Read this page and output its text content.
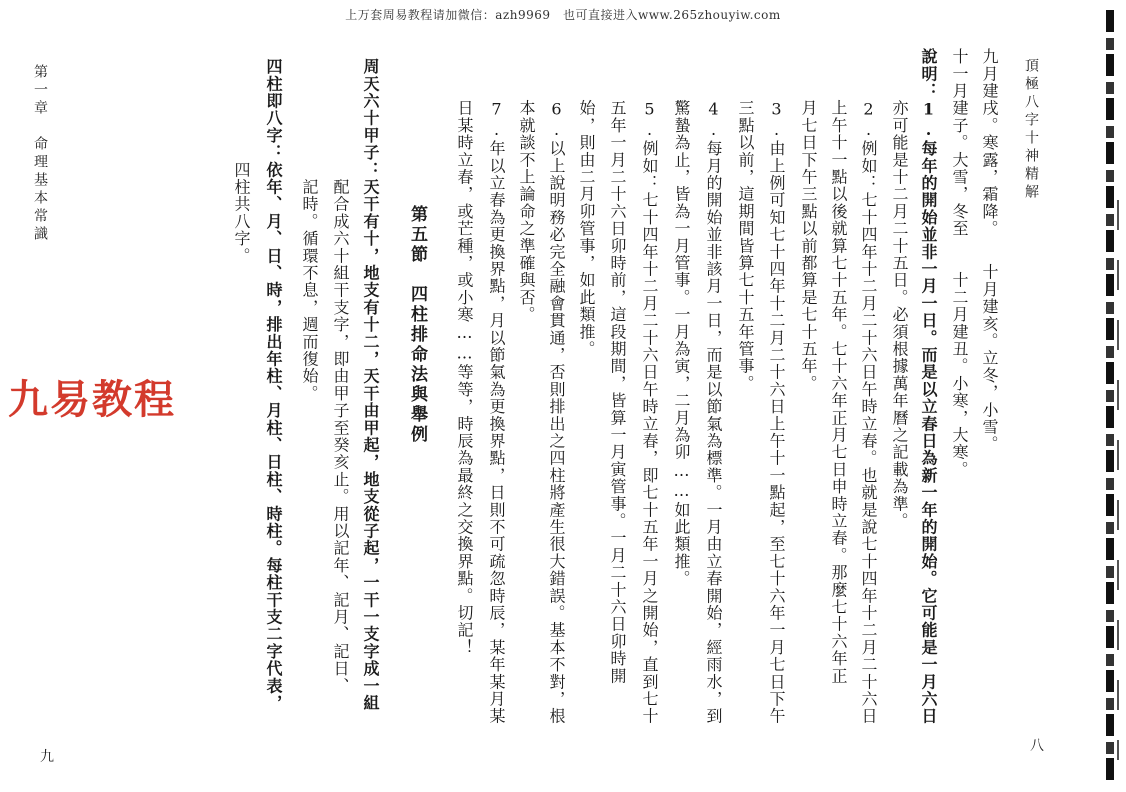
上万套周易教程请加微信：azh9969　也可直接进入www.265zhouyiw.com
頂極八字十神精解
九月建戌。寒露，霜降。　　十月建亥。立冬，小雪。
十一月建子。大雪，冬至　　十二月建丑。小寒，大寒。
說明：1.每年的開始並非一月一日。而是以立春日為新一年的開始。它可能是一月六日
　　　亦可能是十二月二十五日。必須根據萬年曆之記載為準。
　　　2.例如：七十四年十二月二十六日午時立春。也就是說七十四年十二月二十六日
　　　上午十一點以後就算七十五年。七十六年正月七日申時立春。那麼七十六年正
　　　月七日下午三點以前都算是七十五年。
　　　3.由上例可知七十四年十二月二十六日上午十一點起，至七十六年一月七日下午
　　　三點以前，這期間皆算七十五年管事。
　　　4.每月的開始並非該月一日，而是以節氣為標準。一月由立春開始，經雨水，到
　　　驚蟄為止，皆為一月管事。一月為寅，二月為卯……如此類推。
　　　5.例如：七十四年十二月二十六日午時立春，即七十五年一月之開始，直到七十
　　　五年一月二十六日卯時前，這段期間，皆算一月寅管事。一月二十六日卯時開
　　　始，則由二月卯管事，如此類推。
　　　6.以上說明務必完全融會貫通，否則排出之四柱將產生很大錯誤。基本不對，根
　　　本就談不上論命之準確與否。
　　　7.年以立春為更換界點，月以節氣為更換界點，日則不可疏忽時辰，某年某月某
　　　日某時立春，或芒種，或小寒……等等，時辰為最終之交換界點。切記！
八
第五節　四柱排命法與舉例
周天六十甲子：天干有十，地支有十二，天干由甲起，地支從子起，一干一支字成一組
　　　　　　　配合成六十組干支字，即由甲子至癸亥止。用以記年、記月、記日、
　　　　　　　記時。循環不息，週而復始。
四柱即八字：依年、月、日、時，排出年柱、月柱、日柱、時柱。每柱干支二字代表，
　　　　　　四柱共八字。
第一章　命理基本常識
九
九易教程
